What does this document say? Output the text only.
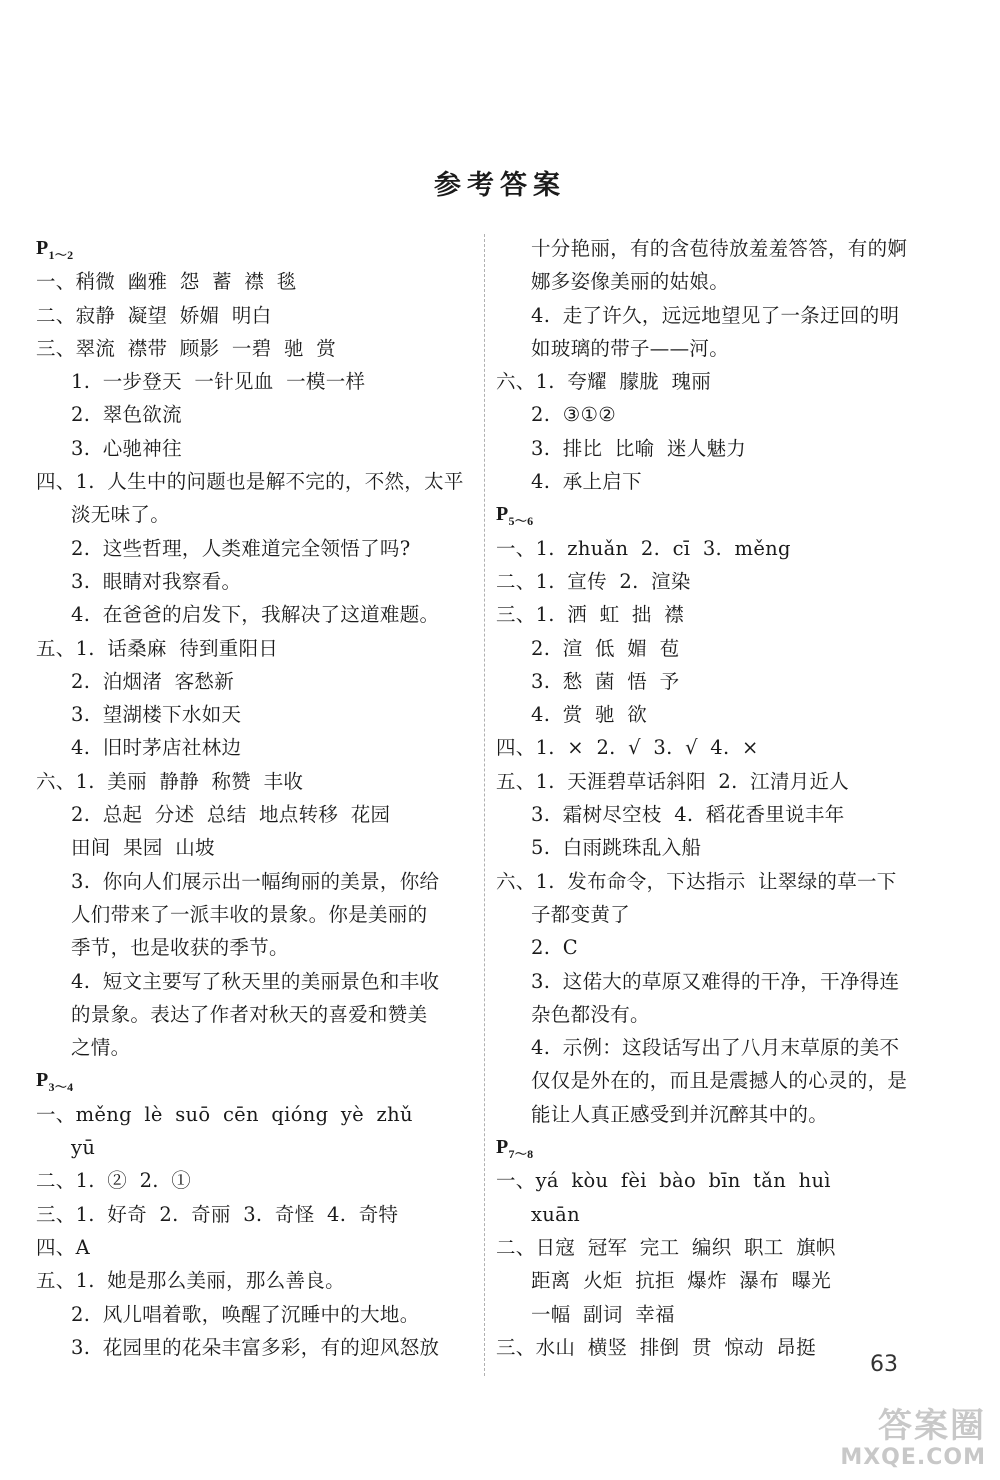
参考答案
$P_{1\sim 2}$
一、稍微 幽雅 怨 蓄 襟 毯
二、寂静 凝望 娇媚 明白
三、翠流 襟带 顾影 一碧 驰 赏
1. 一步登天 一针见血 一模一样
2. 翠色欲流
3. 心驰神往
四、1. 人生中的问题也是解不完的，不然，太平
淡无味了。
2. 这些哲理，人类难道完全领悟了吗?
3. 眼睛对我察看。
4. 在爸爸的启发下，我解决了这道难题。
五、1. 话桑麻 待到重阳日
2. 泊烟渚 客愁新
3. 望湖楼下水如天
4. 旧时茅店社林边
六、1. 美丽 静静 称赞 丰收
2. 总起 分述 总结 地点转移 花园
田间 果园 山坡
3. 你向人们展示出一幅绚丽的美景，你给
人们带来了一派丰收的景象。你是美丽的
季节，也是收获的季节。
4. 短文主要写了秋天里的美丽景色和丰收
的景象。表达了作者对秋天的喜爱和赞美
之情。
$P_{3\sim 4}$
一、měng lè suō cēn qióng yè zhǔ
yū
二、1. ② 2. ①
三、1. 好奇 2. 奇丽 3. 奇怪 4. 奇特
四、A
五、1. 她是那么美丽，那么善良。
2. 风儿唱着歌，唤醒了沉睡中的大地。
3. 花园里的花朵丰富多彩，有的迎风怒放
十分艳丽，有的含苞待放羞羞答答，有的婀
娜多姿像美丽的姑娘。
4. 走了许久，远远地望见了一条迂回的明
如玻璃的带子——河。
六、1. 夸耀 朦胧 瑰丽
2. ③①②
3. 排比 比喻 迷人魅力
4. 承上启下
$P_{5\sim 6}$
一、1. zhuǎn 2. cī 3. měng
二、1. 宣传 2. 渲染
三、1. 洒 虹 拙 襟
2. 渲 低 媚 苞
3. 愁 菌 悟 予
4. 赏 驰 欲
四、1. × 2. √ 3. √ 4. ×
五、1. 天涯碧草话斜阳 2. 江清月近人
3. 霜树尽空枝 4. 稻花香里说丰年
5. 白雨跳珠乱入船
六、1. 发布命令，下达指示 让翠绿的草一下
子都变黄了
2. C
3. 这偌大的草原又难得的干净，干净得连
杂色都没有。
4. 示例：这段话写出了八月末草原的美不
仅仅是外在的，而且是震撼人的心灵的，是
能让人真正感受到并沉醉其中的。
$P_{7\sim 8}$
一、yá kòu fèi bào bīn tǎn huì
xuān
二、日寇 冠军 完工 编织 职工 旗帜
距离 火炬 抗拒 爆炸 瀑布 曝光
一幅 副词 幸福
三、水山 横竖 排倒 贯 惊动 昂挺
63
答案圈
MXQE.COM
